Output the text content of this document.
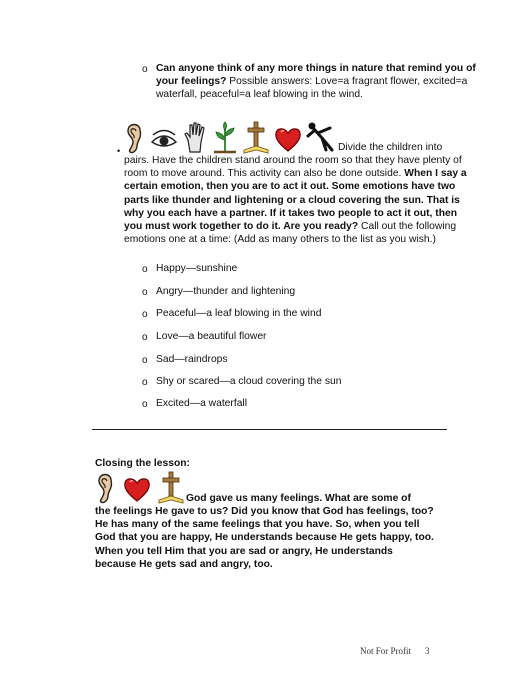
o Can anyone think of any more things in nature that remind you of your feelings? Possible answers: Love=a fragrant flower, excited=a waterfall, peaceful=a leaf blowing in the wind.
•	Divide the children into
pairs. Have the children stand around the room so that they have plenty of room to move around. This activity can also be done outside. When I say a certain emotion, then you are to act it out. Some emotions have two parts like thunder and lightening or a cloud covering the sun. That is why you each have a partner. If it takes two people to act it out, then you must work together to do it. Are you ready? Call out the following emotions one at a time: (Add as many others to the list as you wish.)
o Happy—sunshine
o Angry—thunder and lightening
o Peaceful—a leaf blowing in the wind
o Love—a beautiful flower
o Sad—raindrops
o Shy or scared—a cloud covering the sun
o Excited—a waterfall
Closing the lesson:
God gave us many feelings. What are some of
the feelings He gave to us? Did you know that God has feelings, too? He has many of the same feelings that you have. So, when you tell God that you are happy, He understands because He gets happy, too. When you tell Him that you are sad or angry, He understands because He gets sad and angry, too.
Not For Profit 3
